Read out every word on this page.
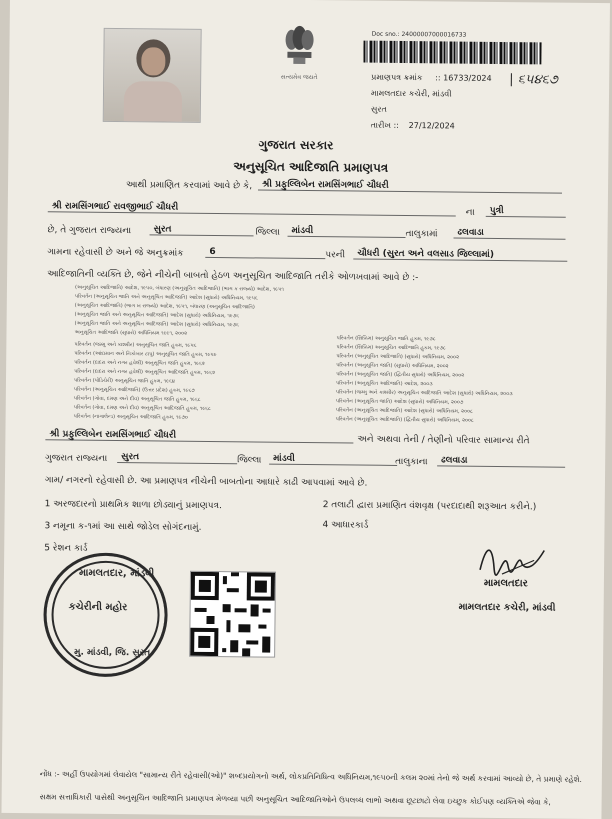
સત્યમેવ જયતે
Doc sno.: 24000007000016733
પ્રમાણપત્ર ક્રમાંક :: 16733/2024 | ૬૫૪૬૭
મામલતદાર કચેરી, માંડવી
સુરત
તારીખ :: 27/12/2024
ગુજરાત સરકાર
અનુસૂચિત આદિજાતિ પ્રમાણપત્ર
આથી પ્રમાણિત કરવામાં આવે છે કે,	શ્રી પ્રફુલ્લિબેન રામસિંગભાઈ ચૌધરી
શ્રી રામસિંગભાઈ રાવજીભાઈ ચૌધરી
ના	પુત્રી
છે, તે ગુજરાત રાજ્યના	સુરત	જિલ્લા	માંડવી	તાલુકામાં	ઢલવાડા
ગામના રહેવાસી છે અને જે અનુક્રમાંક	6	પરની	ચૌધરી (સુરત અને વલસાડ જિલ્લામાં)
આદિજાતિની વ્યક્તિ છે, જેને નીચેની બાબતો હેઠળ અનુસૂચિત આદિજાતિ તરીકે ઓળખવામાં આવે છે :-
(અનુસૂચિત આદિજાતિ) આદેશ, ૧૯૫૦, બંધારણ (અનુસૂચિત આદિજાતિ) (ભાગ ક રાજ્યો) આદેશ, ૧૯૫૧
પરિવર્તન (અનુસૂચિત જાતિ અને અનુસૂચિત આદિજાતિ) આદેશ (સુધારો) અધિનિયમ, ૧૯૫૬
(અનુસૂચિત આદિજાતિ) (ભાગ ખ રાજ્યો) આદેશ, ૧૯૫૧, બંધારણ (અનુસૂચિત આદિજાતિ)
(અનુસૂચિત જાતિ અને અનુસૂચિત આદિજાતિ) આદેશ (સુધારો) અધિનિયમ, ૧૯૭૬
(અનુસૂચિત જાતિ અને અનુસૂચિત આદિજાતિ) આદેશ (સુધારો) અધિનિયમ, ૧૯૭૬
અનુસૂચિત આદિજાતિ (સુધારો) અધિનિયમ ૧૯૯૧, ૨૦૦૨
પરિવર્તન (જમ્મુ અને કાશ્મીર) અનુસૂચિત જાતિ હુકમ, ૧૯૫૬
પરિવર્તન (આંદામાન અને નિકોબાર ટાપુ) અનુસૂચિત જાતિ હુકમ, ૧૯૫૯
પરિવર્તન (દાદરા અને નગર હવેલી) અનુસૂચિત જાતિ હુકમ, ૧૯૬૨
પરિવર્તન (દાદરા અને નગર હવેલી) અનુસૂચિત આદિજાતિ હુકમ, ૧૯૬૨
પરિવર્તન (પોંડિચેરી) અનુસૂચિત જાતિ હુકમ, ૧૯૬૪
પરિવર્તન (અનુસૂચિત આદિજાતિ) (ઉત્તર પ્રદેશ) હુકમ, ૧૯૬૭
પરિવર્તન (ગોવા, દમણ અને દીવ) અનુસૂચિત જાતિ હુકમ, ૧૯૬૮
પરિવર્તન (ગોવા, દમણ અને દીવ) અનુસૂચિત આદિજાતિ હુકમ, ૧૯૬૮
પરિવર્તન (નાગાલેન્ડ) અનુસૂચિત આદિજાતિ હુકમ, ૧૯૭૦
પરિવર્તન (સિક્કિમ) અનુસૂચિત જાતિ હુકમ, ૧૯૭૮
પરિવર્તન (સિક્કિમ) અનુસૂચિત આદિજાતિ હુકમ, ૧૯૭૮
પરિવર્તન (અનુસૂચિત આદિજાતિ) (સુધારો) અધિનિયમ, ૨૦૦૨
પરિવર્તન (અનુસૂચિત જાતિ) (સુધારો) અધિનિયમ, ૨૦૦૨
પરિવર્તન (અનુસૂચિત જાતિ) (દ્વિતીય સુધારો) અધિનિયમ, ૨૦૦૨
પરિવર્તન (અનુસૂચિત આદિજાતિ) આદેશ, ૨૦૦૩
પરિવર્તન (જમ્મુ અને કાશ્મીર) અનુસૂચિત આદિજાતિ આદેશ (સુધારો) અધિનિયમ, ૨૦૦૩
પરિવર્તન (અનુસૂચિત જાતિ) આદેશ (સુધારો) અધિનિયમ, ૨૦૦૭
પરિવર્તન (અનુસૂચિત આદિજાતિ) આદેશ (સુધારો) અધિનિયમ, ૨૦૦૮
પરિવર્તન (અનુસૂચિત આદિજાતિ) (દ્વિતીય સુધારો) અધિનિયમ, ૨૦૦૮
શ્રી પ્રફુલ્લિબેન રામસિંગભાઈ ચૌધરી	અને અથવા તેની / તેણીનો પરિવાર સામાન્ય રીતે
ગુજરાત રાજ્યના	સુરત	જિલ્લા	માંડવી	તાલુકાના	ઢલવાડા
ગામ/ નગરનો રહેવાસી છે. આ પ્રમાણપત્ર નીચેની બાબતોના આધારે કાઢી આપવામાં આવે છે.
1 અરજદારનો પ્રાથમિક શાળા છોડ્યાનું પ્રમાણપત્ર.	2 તલાટી દ્વારા પ્રમાણિત વંશવૃક્ષ (પરદાદાથી શરૂઆત કરીને.)
3 નમૂના ક-૧માં આ સાથે જોડેલ સોગંદનામું.	4 આધારકાર્ડ
5 રેશન કાર્ડ
મામલતદાર, માંડવી
કચેરીની મહોર
મુ. માંડવી, જિ. સુરત
મામલતદાર
મામલતદાર કચેરી, માંડવી
નોંધ :- અહીં ઉપયોગમાં લેવાયેલ "સામાન્ય રીતે રહેવાસી(ઓ)" શબ્દપ્રયોગનો અર્થ, લોકપ્રતિનિધિત્વ અધિનિયમ,૧૯૫૦ની કલમ ૨૦માં તેનો જે અર્થ કરવામાં આવ્યો છે, તે પ્રમાણે રહેશે.
સક્ષમ સત્તાધિકારી પાસેથી અનુસૂચિત આદિજાતિ પ્રમાણપત્ર મેળવ્યા પછી અનુસૂચિત આદિજાતિઓને ઉપલબ્ધ લાભો અથવા છૂટછાટો લેવા ઇચ્છુક કોઈપણ વ્યક્તિએ જેવા કે,
